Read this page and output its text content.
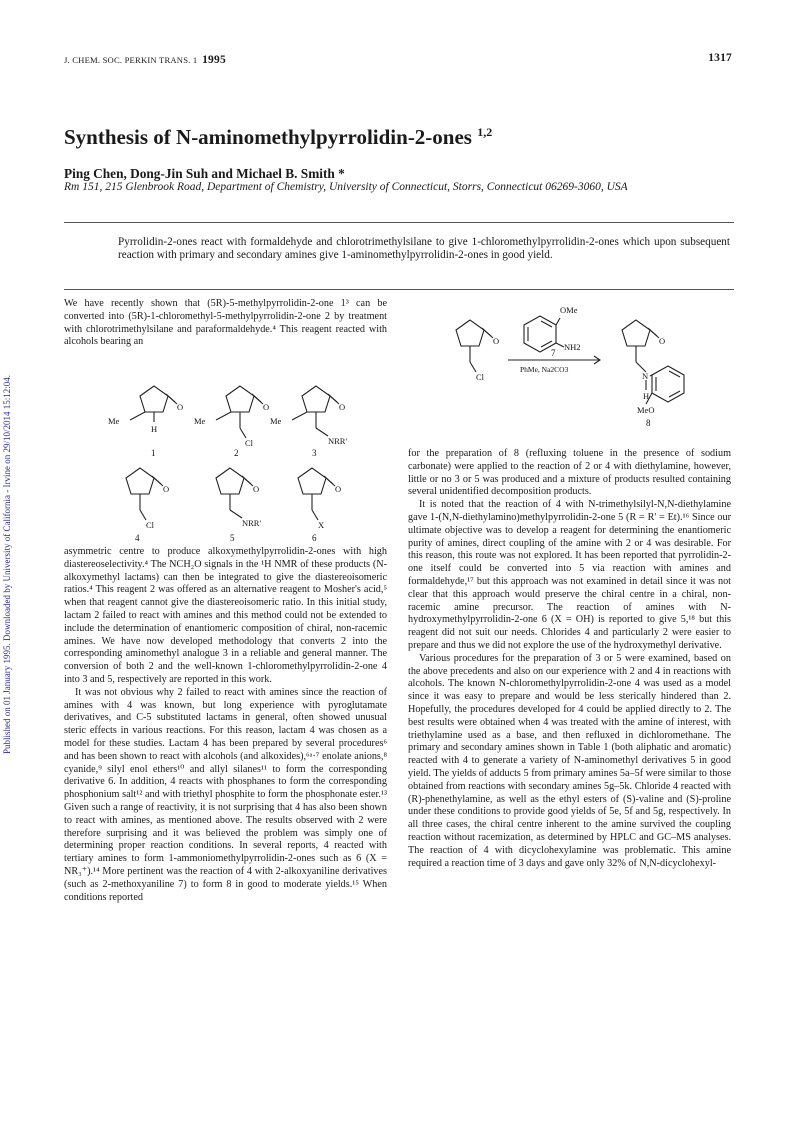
Published on 01 January 1995. Downloaded by University of California - Irvine on 29/10/2014 15:12:04.
J. CHEM. SOC. PERKIN TRANS. 1 1995	1317
Synthesis of N-aminomethylpyrrolidin-2-ones $^{1,2}$
Ping Chen, Dong-Jin Suh and Michael B. Smith *
Rm 151, 215 Glenbrook Road, Department of Chemistry, University of Connecticut, Storrs, Connecticut 06269-3060, USA
Pyrrolidin-2-ones react with formaldehyde and chlorotrimethylsilane to give 1-chloromethylpyrrolidin-2-ones which upon subsequent reaction with primary and secondary amines give 1-aminomethylpyrrolidin-2-ones in good yield.

We have recently shown that (5R)-5-methylpyrrolidin-2-one 1³ can be converted into (5R)-1-chloromethyl-5-methylpyrrolidin-2-one 2 by treatment with chlorotrimethylsilane and paraformaldehyde.⁴ This reagent reacted with alcohols bearing an

Me
O
H
1
Me
O
Cl
2
Me
O
NRR'
3
O
Cl
4
O
NRR'
5
O
X
6

asymmetric centre to produce alkoxymethylpyrrolidin-2-ones with high diastereoselectivity.⁴ The NCH₂O signals in the ¹H NMR of these products (N-alkoxymethyl lactams) can then be integrated to give the diastereoisomeric ratios.⁴ This reagent 2 was offered as an alternative reagent to Mosher's acid,⁵ when that reagent cannot give the diastereoisomeric ratio. In this initial study, lactam 2 failed to react with amines and this method could not be extended to include the determination of enantiomeric composition of chiral, non-racemic amines. We have now developed methodology that converts 2 into the corresponding aminomethyl analogue 3 in a reliable and general manner. The conversion of both 2 and the well-known 1-chloromethylpyrrolidin-2-one 4 into 3 and 5, respectively are reported in this work.

It was not obvious why 2 failed to react with amines since the reaction of amines with 4 was known, but long experience with pyroglutamate derivatives, and C-5 substituted lactams in general, often showed unusual steric effects in various reactions. For this reason, lactam 4 was chosen as a model for these studies. Lactam 4 has been prepared by several procedures⁶ and has been shown to react with alcohols (and alkoxides),⁶ᵃ·⁷ enolate anions,⁸ cyanide,⁹ silyl enol ethers¹⁰ and allyl silanes¹¹ to form the corresponding derivative 6. In addition, 4 reacts with phosphanes to form the corresponding phosphonium salt¹² and with triethyl phosphite to form the phosphonate ester.¹³ Given such a range of reactivity, it is not surprising that 4 has also been shown to react with amines, as mentioned above. The results observed with 2 were therefore surprising and it was believed the problem was simply one of determining proper reaction conditions. In several reports, 4 reacted with tertiary amines to form 1-ammoniomethylpyrrolidin-2-ones such as 6 (X = NR₃⁺).¹⁴ More pertinent was the reaction of 4 with 2-alkoxyaniline derivatives (such as 2-methoxyaniline 7) to form 8 in good to moderate yields.¹⁵ When conditions reported

O
Cl
OMe
NH2
7
PhMe, Na2CO3
O
N
H
MeO
8

for the preparation of 8 (refluxing toluene in the presence of sodium carbonate) were applied to the reaction of 2 or 4 with diethylamine, however, little or no 3 or 5 was produced and a mixture of products resulted containing several unidentified decomposition products.

It is noted that the reaction of 4 with N-trimethylsilyl-N,N-diethylamine gave 1-(N,N-diethylamino)methylpyrrolidin-2-one 5 (R = R' = Et).¹⁶ Since our ultimate objective was to develop a reagent for determining the enantiomeric purity of amines, direct coupling of the amine with 2 or 4 was desirable. For this reason, this route was not explored. It has been reported that pyrrolidin-2-one itself could be converted into 5 via reaction with amines and formaldehyde,¹⁷ but this approach was not examined in detail since it was not clear that this approach would preserve the chiral centre in a chiral, non-racemic amine precursor. The reaction of amines with N-hydroxymethylpyrrolidin-2-one 6 (X = OH) is reported to give 5,¹⁸ but this reagent did not suit our needs. Chlorides 4 and particularly 2 were easier to prepare and thus we did not explore the use of the hydroxymethyl derivative.

Various procedures for the preparation of 3 or 5 were examined, based on the above precedents and also on our experience with 2 and 4 in reactions with alcohols. The known N-chloromethylpyrrolidin-2-one 4 was used as a model since it was easy to prepare and would be less sterically hindered than 2. Hopefully, the procedures developed for 4 could be applied directly to 2. The best results were obtained when 4 was treated with the amine of interest, with triethylamine used as a base, and then refluxed in dichloromethane. The primary and secondary amines shown in Table 1 (both aliphatic and aromatic) reacted with 4 to generate a variety of N-aminomethyl derivatives 5 in good yield. The yields of adducts 5 from primary amines 5a–5f were similar to those obtained from reactions with secondary amines 5g–5k. Chloride 4 reacted with (R)-phenethylamine, as well as the ethyl esters of (S)-valine and (S)-proline under these conditions to provide good yields of 5e, 5f and 5g, respectively. In all three cases, the chiral centre inherent to the amine survived the coupling reaction without racemization, as determined by HPLC and GC–MS analyses. The reaction of 4 with dicyclohexylamine was problematic. This amine required a reaction time of 3 days and gave only 32% of N,N-dicyclohexyl-
